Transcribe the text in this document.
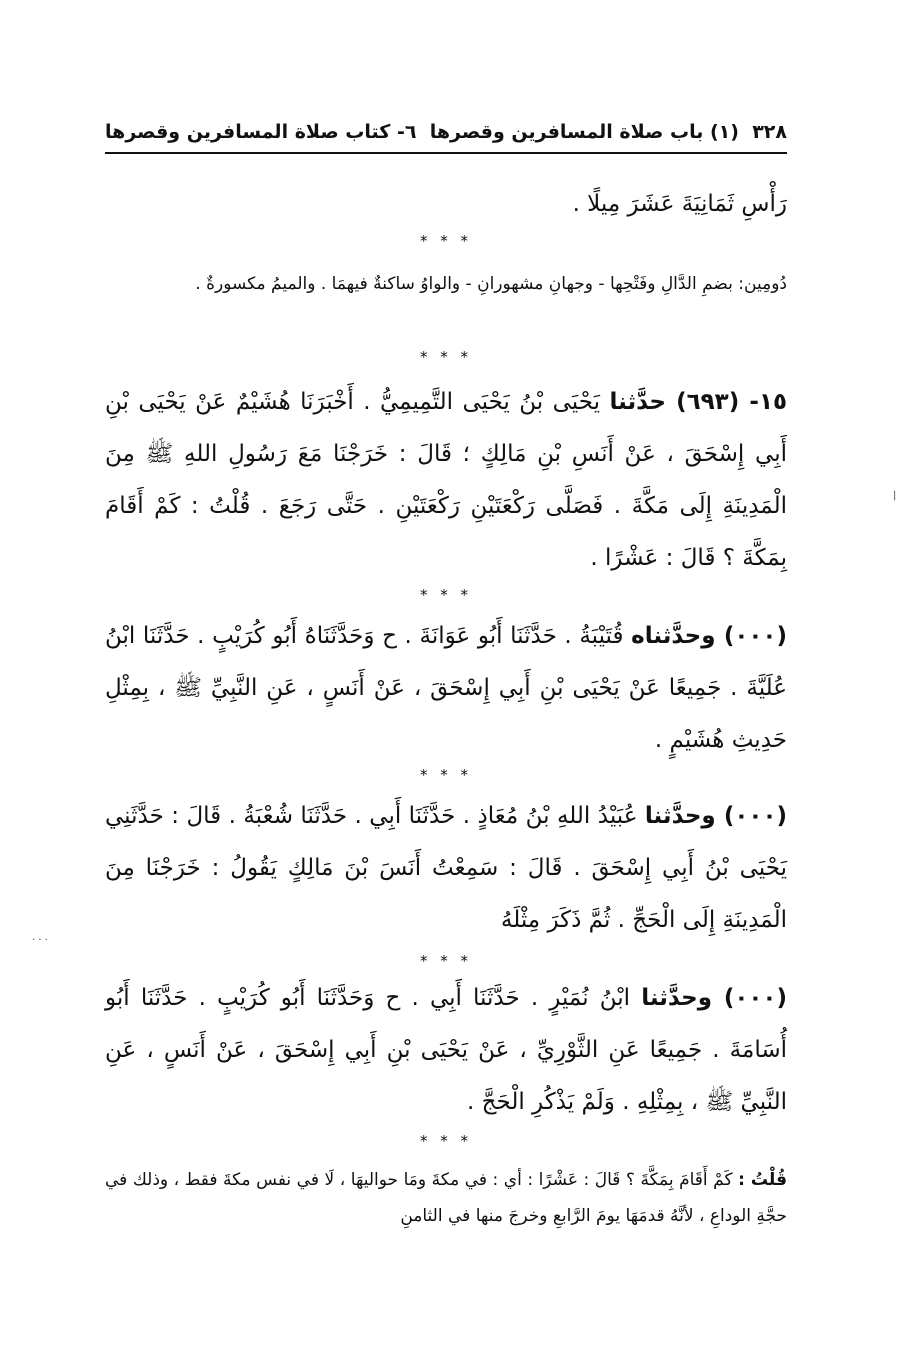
٦- كتاب صلاة المسافرين وقصرها (١) باب صلاة المسافرين وقصرها ٣٢٨
رَأْسِ ثَمَانِيَةَ عَشَرَ مِيلًا .
* * *
دُومِين: بضمِ الدَّالِ وفَتْحِها - وجهانِ مشهورانِ - والواوُ ساكنةٌ فيهمَا . والميمُ مكسورةٌ .
* * *
١٥- (٦٩٣) حدَّثنا يَحْيَى بْنُ يَحْيَى التَّمِيمِيُّ . أَخْبَرَنَا هُشَيْمٌ عَنْ يَحْيَى بْنِ أَبِي إِسْحَقَ ، عَنْ أَنَسِ بْنِ مَالِكٍ ؛ قَالَ : خَرَجْنَا مَعَ رَسُولِ اللهِ ﷺ مِنَ الْمَدِينَةِ إِلَى مَكَّةَ . فَصَلَّى رَكْعَتَيْنِ رَكْعَتَيْنِ . حَتَّى رَجَعَ . قُلْتُ : كَمْ أَقَامَ بِمَكَّةَ ؟ قَالَ : عَشْرًا .
* * *
(٠٠٠) وحدَّثناه قُتَيْبَةُ . حَدَّثَنَا أَبُو عَوَانَةَ . ح وَحَدَّثَنَاهُ أَبُو كُرَيْبٍ . حَدَّثَنَا ابْنُ عُلَيَّةَ . جَمِيعًا عَنْ يَحْيَى بْنِ أَبِي إِسْحَقَ ، عَنْ أَنَسٍ ، عَنِ النَّبِيِّ ﷺ ، بِمِثْلِ حَدِيثِ هُشَيْمٍ .
* * *
(٠٠٠) وحدَّثنا عُبَيْدُ اللهِ بْنُ مُعَاذٍ . حَدَّثَنَا أَبِي . حَدَّثَنَا شُعْبَةُ . قَالَ : حَدَّثَنِي يَحْيَى بْنُ أَبِي إِسْحَقَ . قَالَ : سَمِعْتُ أَنَسَ بْنَ مَالِكٍ يَقُولُ : خَرَجْنَا مِنَ الْمَدِينَةِ إِلَى الْحَجِّ . ثُمَّ ذَكَرَ مِثْلَهُ
* * *
(٠٠٠) وحدَّثنا ابْنُ نُمَيْرٍ . حَدَّثَنَا أَبِي . ح وَحَدَّثَنَا أَبُو كُرَيْبٍ . حَدَّثَنَا أَبُو أُسَامَةَ . جَمِيعًا عَنِ الثَّوْرِيِّ ، عَنْ يَحْيَى بْنِ أَبِي إِسْحَقَ ، عَنْ أَنَسٍ ، عَنِ النَّبِيِّ ﷺ ، بِمِثْلِهِ . وَلَمْ يَذْكُرِ الْحَجَّ .
* * *
قُلْتُ : كَمْ أَقَامَ بِمَكَّةَ ؟ قَالَ : عَشْرًا : أي : في مكةَ ومَا حواليهَا ، لَا في نفس مكةَ فقط ، وذلك في حجَّةِ الوداعِ ، لأنَّهُ قدمَهَا يومَ الرَّابعِ وخرجَ منها في الثامنِ
· · ·
|
